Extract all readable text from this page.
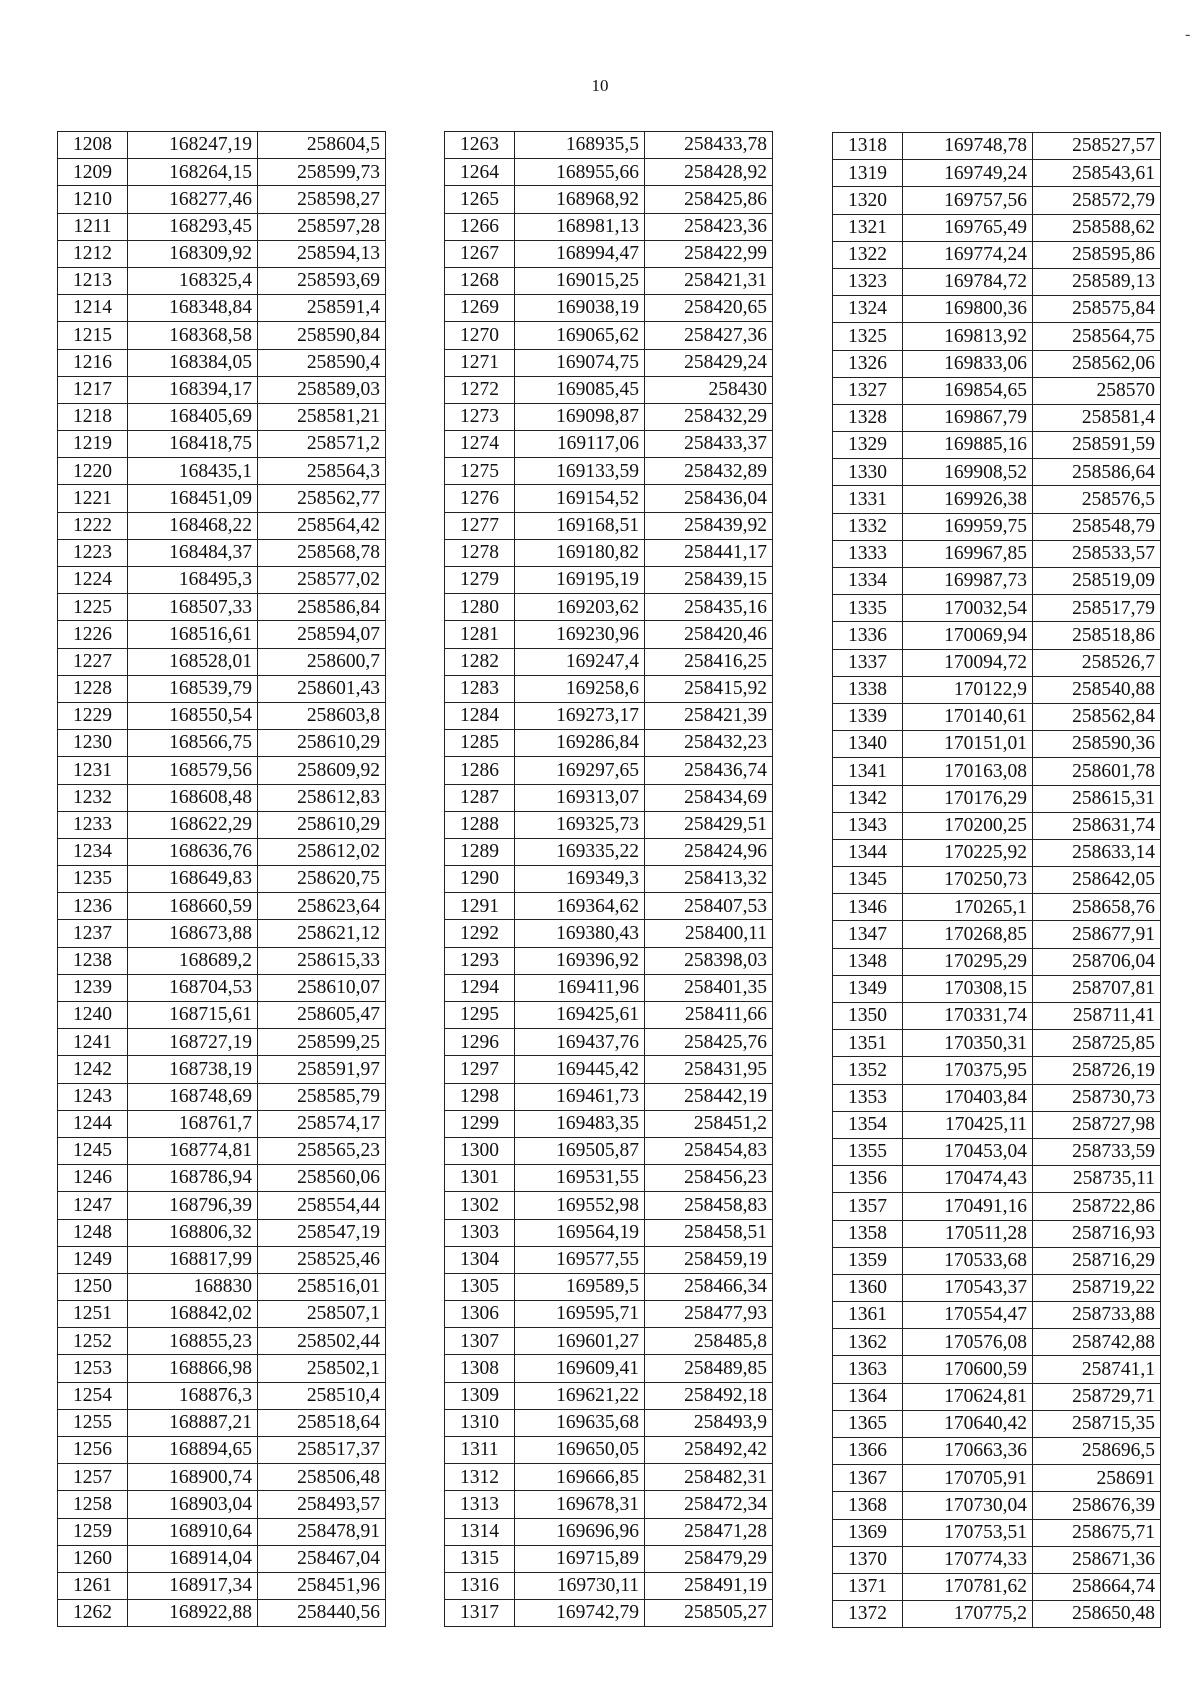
-
10
1208	168247,19	258604,5
1209	168264,15	258599,73
1210	168277,46	258598,27
1211	168293,45	258597,28
1212	168309,92	258594,13
1213	168325,4	258593,69
1214	168348,84	258591,4
1215	168368,58	258590,84
1216	168384,05	258590,4
1217	168394,17	258589,03
1218	168405,69	258581,21
1219	168418,75	258571,2
1220	168435,1	258564,3
1221	168451,09	258562,77
1222	168468,22	258564,42
1223	168484,37	258568,78
1224	168495,3	258577,02
1225	168507,33	258586,84
1226	168516,61	258594,07
1227	168528,01	258600,7
1228	168539,79	258601,43
1229	168550,54	258603,8
1230	168566,75	258610,29
1231	168579,56	258609,92
1232	168608,48	258612,83
1233	168622,29	258610,29
1234	168636,76	258612,02
1235	168649,83	258620,75
1236	168660,59	258623,64
1237	168673,88	258621,12
1238	168689,2	258615,33
1239	168704,53	258610,07
1240	168715,61	258605,47
1241	168727,19	258599,25
1242	168738,19	258591,97
1243	168748,69	258585,79
1244	168761,7	258574,17
1245	168774,81	258565,23
1246	168786,94	258560,06
1247	168796,39	258554,44
1248	168806,32	258547,19
1249	168817,99	258525,46
1250	168830	258516,01
1251	168842,02	258507,1
1252	168855,23	258502,44
1253	168866,98	258502,1
1254	168876,3	258510,4
1255	168887,21	258518,64
1256	168894,65	258517,37
1257	168900,74	258506,48
1258	168903,04	258493,57
1259	168910,64	258478,91
1260	168914,04	258467,04
1261	168917,34	258451,96
1262	168922,88	258440,56
1263	168935,5	258433,78
1264	168955,66	258428,92
1265	168968,92	258425,86
1266	168981,13	258423,36
1267	168994,47	258422,99
1268	169015,25	258421,31
1269	169038,19	258420,65
1270	169065,62	258427,36
1271	169074,75	258429,24
1272	169085,45	258430
1273	169098,87	258432,29
1274	169117,06	258433,37
1275	169133,59	258432,89
1276	169154,52	258436,04
1277	169168,51	258439,92
1278	169180,82	258441,17
1279	169195,19	258439,15
1280	169203,62	258435,16
1281	169230,96	258420,46
1282	169247,4	258416,25
1283	169258,6	258415,92
1284	169273,17	258421,39
1285	169286,84	258432,23
1286	169297,65	258436,74
1287	169313,07	258434,69
1288	169325,73	258429,51
1289	169335,22	258424,96
1290	169349,3	258413,32
1291	169364,62	258407,53
1292	169380,43	258400,11
1293	169396,92	258398,03
1294	169411,96	258401,35
1295	169425,61	258411,66
1296	169437,76	258425,76
1297	169445,42	258431,95
1298	169461,73	258442,19
1299	169483,35	258451,2
1300	169505,87	258454,83
1301	169531,55	258456,23
1302	169552,98	258458,83
1303	169564,19	258458,51
1304	169577,55	258459,19
1305	169589,5	258466,34
1306	169595,71	258477,93
1307	169601,27	258485,8
1308	169609,41	258489,85
1309	169621,22	258492,18
1310	169635,68	258493,9
1311	169650,05	258492,42
1312	169666,85	258482,31
1313	169678,31	258472,34
1314	169696,96	258471,28
1315	169715,89	258479,29
1316	169730,11	258491,19
1317	169742,79	258505,27
1318	169748,78	258527,57
1319	169749,24	258543,61
1320	169757,56	258572,79
1321	169765,49	258588,62
1322	169774,24	258595,86
1323	169784,72	258589,13
1324	169800,36	258575,84
1325	169813,92	258564,75
1326	169833,06	258562,06
1327	169854,65	258570
1328	169867,79	258581,4
1329	169885,16	258591,59
1330	169908,52	258586,64
1331	169926,38	258576,5
1332	169959,75	258548,79
1333	169967,85	258533,57
1334	169987,73	258519,09
1335	170032,54	258517,79
1336	170069,94	258518,86
1337	170094,72	258526,7
1338	170122,9	258540,88
1339	170140,61	258562,84
1340	170151,01	258590,36
1341	170163,08	258601,78
1342	170176,29	258615,31
1343	170200,25	258631,74
1344	170225,92	258633,14
1345	170250,73	258642,05
1346	170265,1	258658,76
1347	170268,85	258677,91
1348	170295,29	258706,04
1349	170308,15	258707,81
1350	170331,74	258711,41
1351	170350,31	258725,85
1352	170375,95	258726,19
1353	170403,84	258730,73
1354	170425,11	258727,98
1355	170453,04	258733,59
1356	170474,43	258735,11
1357	170491,16	258722,86
1358	170511,28	258716,93
1359	170533,68	258716,29
1360	170543,37	258719,22
1361	170554,47	258733,88
1362	170576,08	258742,88
1363	170600,59	258741,1
1364	170624,81	258729,71
1365	170640,42	258715,35
1366	170663,36	258696,5
1367	170705,91	258691
1368	170730,04	258676,39
1369	170753,51	258675,71
1370	170774,33	258671,36
1371	170781,62	258664,74
1372	170775,2	258650,48
